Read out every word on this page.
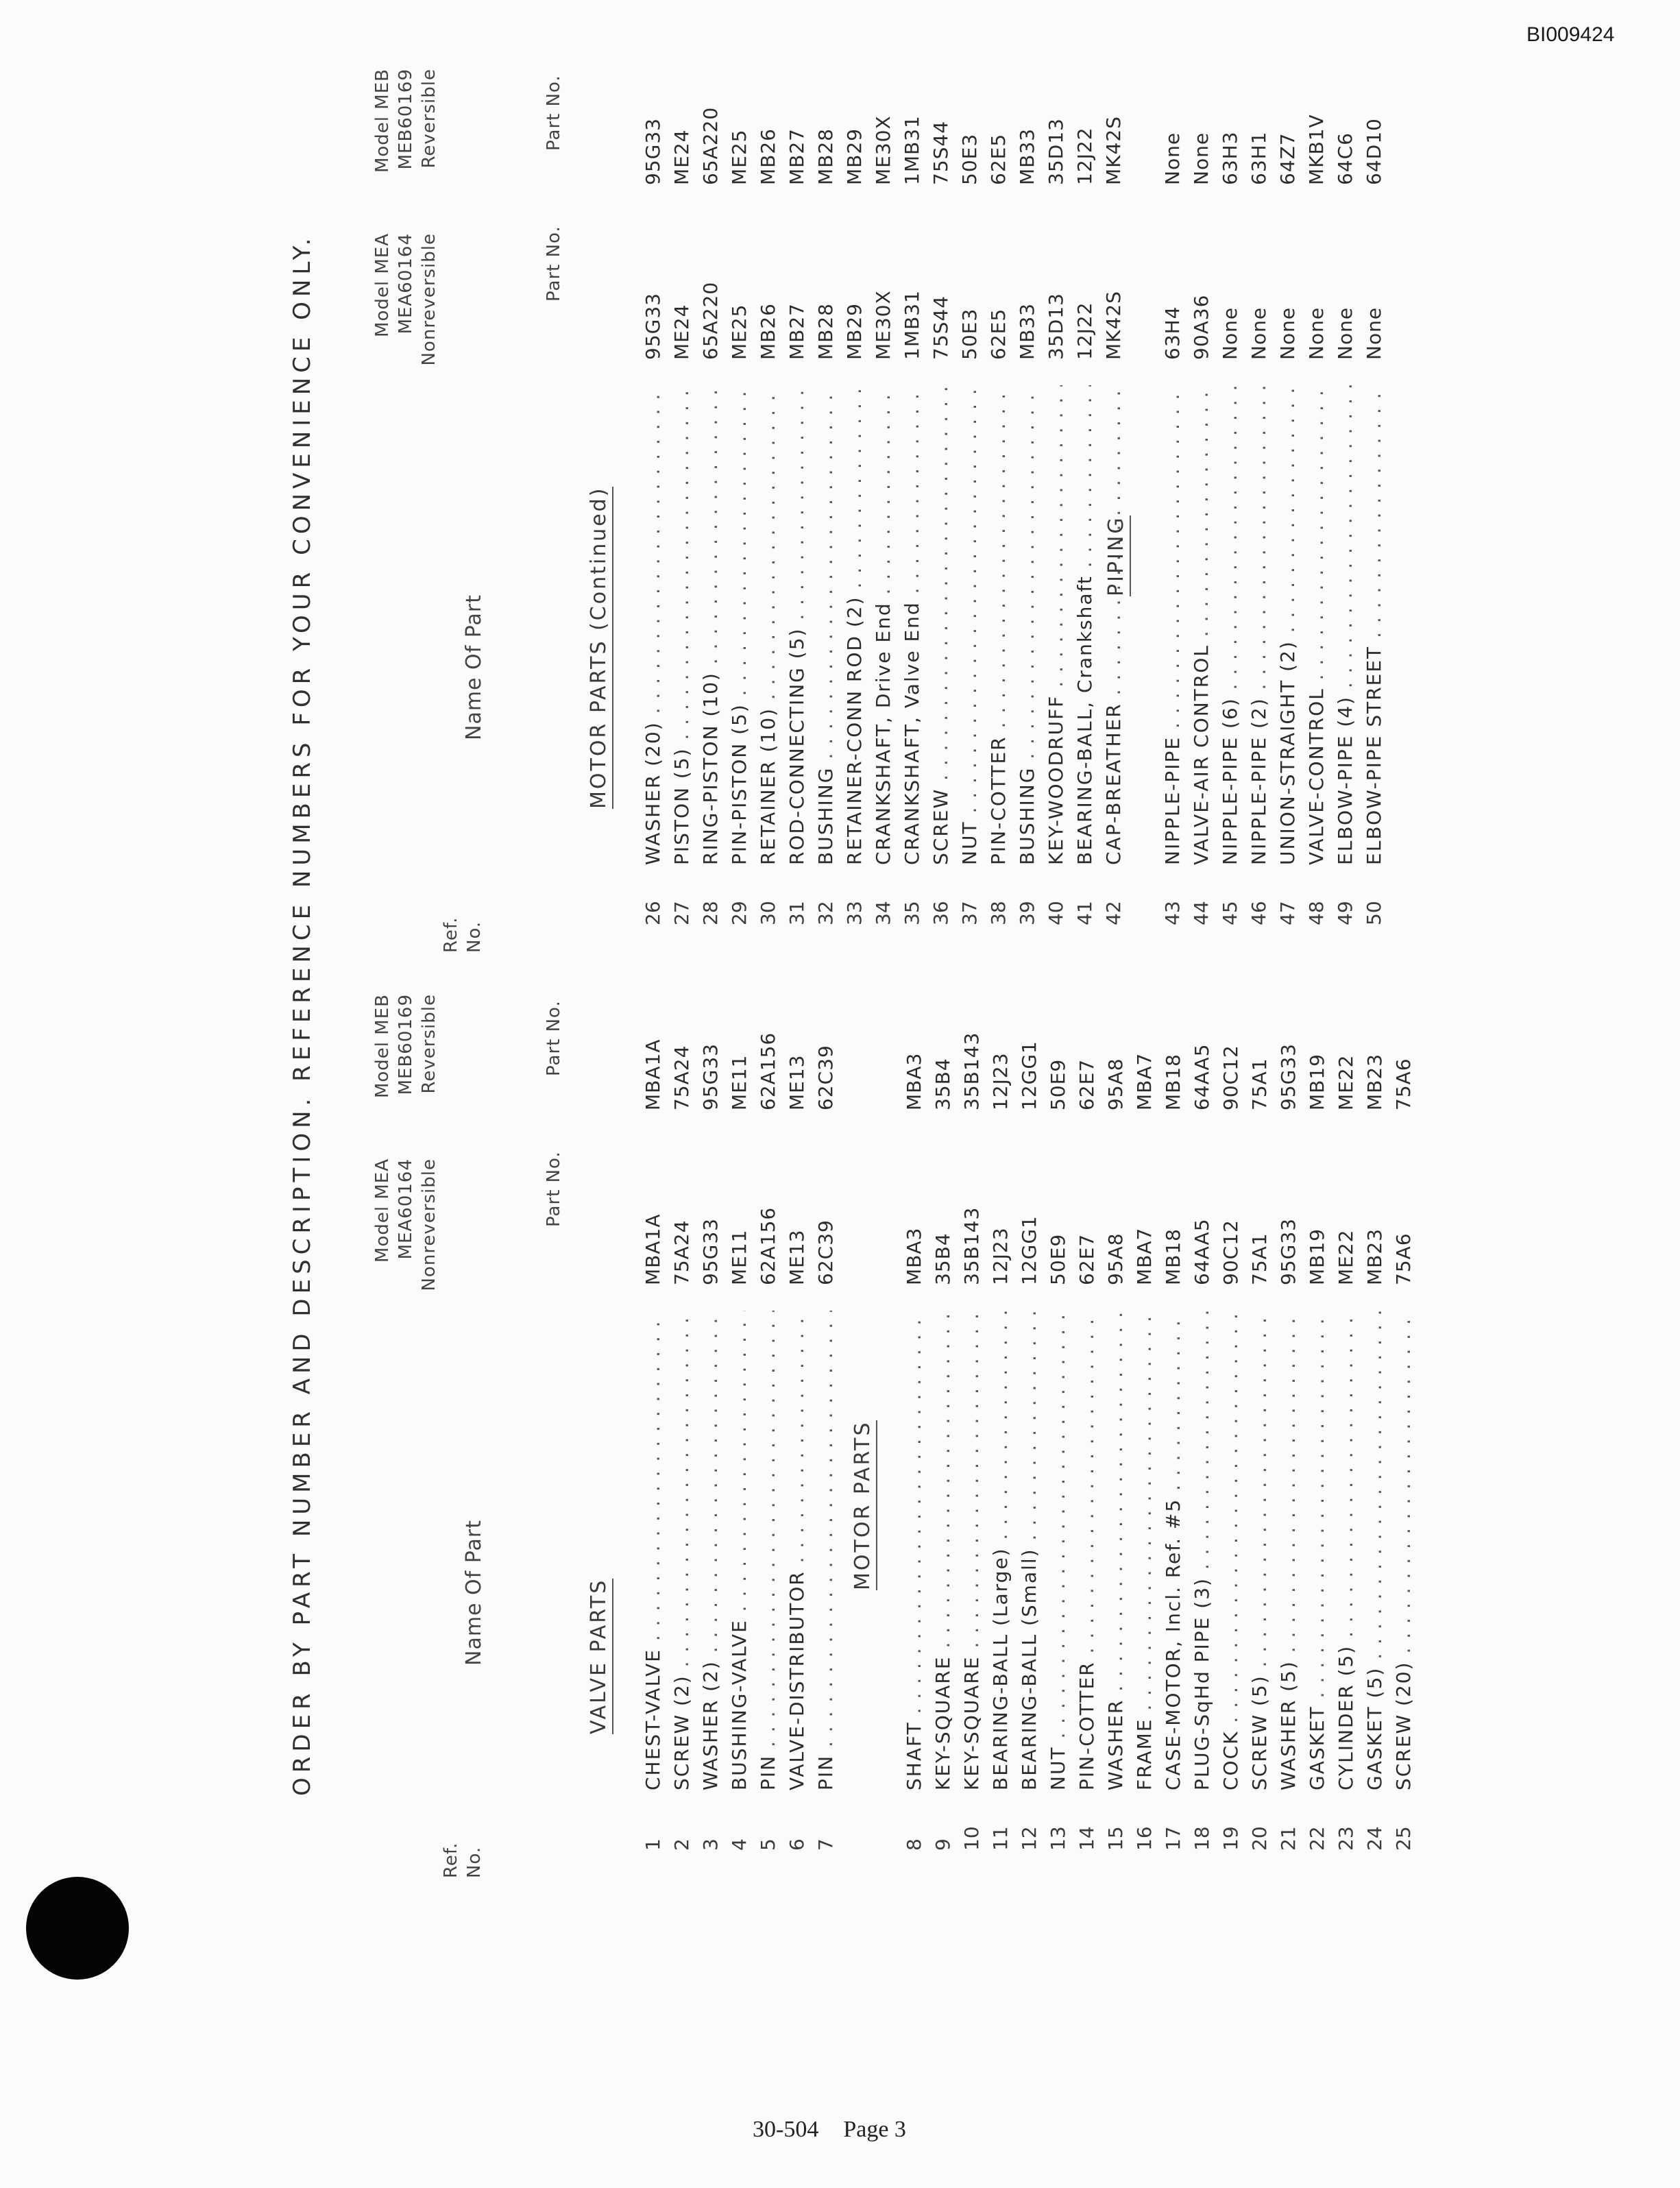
BI009424
ORDER BY PART NUMBER AND DESCRIPTION. REFERENCE NUMBERS FOR YOUR CONVENIENCE ONLY.
Ref. No.
Name Of Part
Model MEA MEA60164 Nonreversible
Model MEB MEB60169 Reversible
Part No.
Part No.
VALVE PARTS
1
CHEST-VALVE . . .
MBA1A
MBA1A
2
SCREW (2) . . .
75A24
75A24
3
WASHER (2) . . .
95G33
95G33
4
BUSHING-VALVE . . .
ME11
ME11
5
PIN . . .
62A156
62A156
6
VALVE-DISTRIBUTOR . . .
ME13
ME13
7
PIN . . .
62C39
62C39
MOTOR PARTS
8
SHAFT . . .
MBA3
MBA3
9
KEY-SQUARE . . .
35B4
35B4
10
KEY-SQUARE . . .
35B143
35B143
11
BEARING-BALL (Large) . . .
12J23
12J23
12
BEARING-BALL (Small) . . .
12GG1
12GG1
13
NUT . . .
50E9
50E9
14
PIN-COTTER . . .
62E7
62E7
15
WASHER . . .
95A8
95A8
16
FRAME . . .
MBA7
MBA7
17
CASE-MOTOR, Incl. Ref. #5 . . .
MB18
MB18
18
PLUG-SqHd PIPE (3) . . .
64AA5
64AA5
19
COCK . . .
90C12
90C12
20
SCREW (5) . . .
75A1
75A1
21
WASHER (5) . . .
95G33
95G33
22
GASKET . . .
MB19
MB19
23
CYLINDER (5) . . .
ME22
ME22
24
GASKET (5) . . .
MB23
MB23
25
SCREW (20) . . .
75A6
75A6
Ref. No.
Name Of Part
Model MEA MEA60164 Nonreversible
Model MEB MEB60169 Reversible
Part No.
Part No.
MOTOR PARTS (Continued)
26
WASHER (20) . . .
95G33
95G33
27
PISTON (5) . . .
ME24
ME24
28
RING-PISTON (10) . . .
65A220
65A220
29
PIN-PISTON (5) . . .
ME25
ME25
30
RETAINER (10) . . .
MB26
MB26
31
ROD-CONNECTING (5) . . .
MB27
MB27
32
BUSHING . . .
MB28
MB28
33
RETAINER-CONN ROD (2) . . .
MB29
MB29
34
CRANKSHAFT, Drive End . . .
ME30X
ME30X
35
CRANKSHAFT, Valve End . . .
1MB31
1MB31
36
SCREW . . .
75S44
75S44
37
NUT . . .
50E3
50E3
38
PIN-COTTER . . .
62E5
62E5
39
BUSHING . . .
MB33
MB33
40
KEY-WOODRUFF . . .
35D13
35D13
41
BEARING-BALL, Crankshaft . . .
12J22
12J22
42
CAP-BREATHER . . .
MK42S
MK42S
PIPING
43
NIPPLE-PIPE . . .
63H4
None
44
VALVE-AIR CONTROL . . .
90A36
None
45
NIPPLE-PIPE (6) . . .
None
63H3
46
NIPPLE-PIPE (2) . . .
None
63H1
47
UNION-STRAIGHT (2) . . .
None
64Z7
48
VALVE-CONTROL . . .
None
MKB1V
49
ELBOW-PIPE (4) . . .
None
64C6
50
ELBOW-PIPE STREET . . .
None
64D10
30-504 Page 3
